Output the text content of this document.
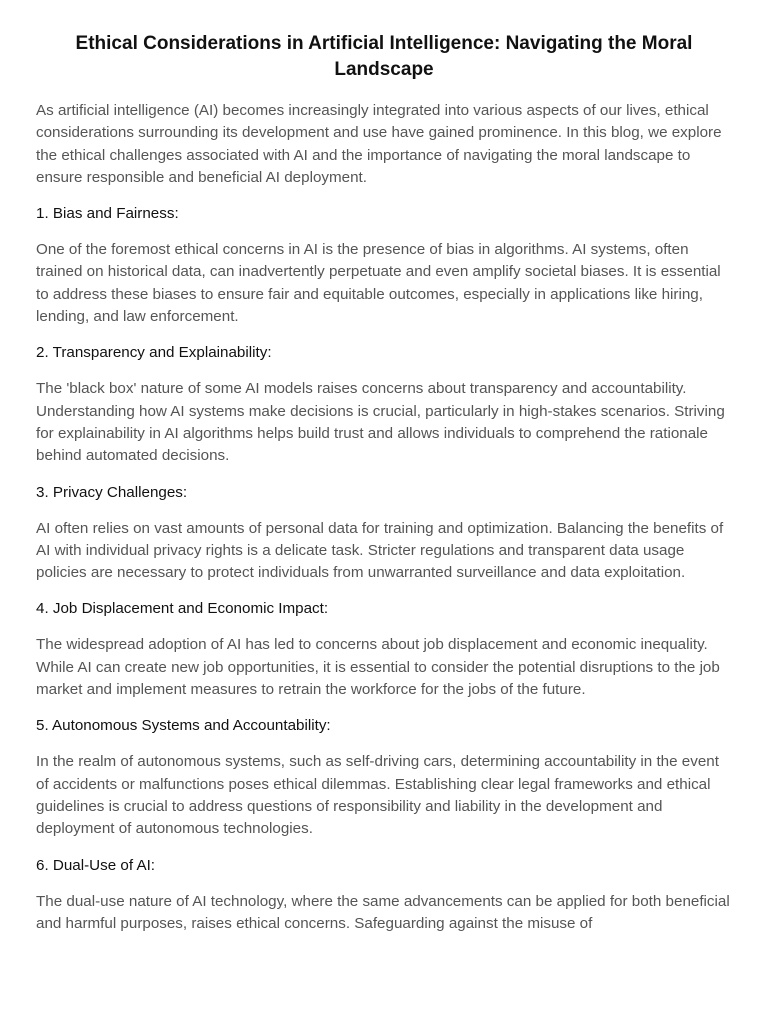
Ethical Considerations in Artificial Intelligence: Navigating the Moral Landscape

As artificial intelligence (AI) becomes increasingly integrated into various aspects of our lives, ethical considerations surrounding its development and use have gained prominence. In this blog, we explore the ethical challenges associated with AI and the importance of navigating the moral landscape to ensure responsible and beneficial AI deployment.

1. Bias and Fairness:

One of the foremost ethical concerns in AI is the presence of bias in algorithms. AI systems, often trained on historical data, can inadvertently perpetuate and even amplify societal biases. It is essential to address these biases to ensure fair and equitable outcomes, especially in applications like hiring, lending, and law enforcement.

2. Transparency and Explainability:

The 'black box' nature of some AI models raises concerns about transparency and accountability. Understanding how AI systems make decisions is crucial, particularly in high-stakes scenarios. Striving for explainability in AI algorithms helps build trust and allows individuals to comprehend the rationale behind automated decisions.

3. Privacy Challenges:

AI often relies on vast amounts of personal data for training and optimization. Balancing the benefits of AI with individual privacy rights is a delicate task. Stricter regulations and transparent data usage policies are necessary to protect individuals from unwarranted surveillance and data exploitation.

4. Job Displacement and Economic Impact:

The widespread adoption of AI has led to concerns about job displacement and economic inequality. While AI can create new job opportunities, it is essential to consider the potential disruptions to the job market and implement measures to retrain the workforce for the jobs of the future.

5. Autonomous Systems and Accountability:

In the realm of autonomous systems, such as self-driving cars, determining accountability in the event of accidents or malfunctions poses ethical dilemmas. Establishing clear legal frameworks and ethical guidelines is crucial to address questions of responsibility and liability in the development and deployment of autonomous technologies.

6. Dual-Use of AI:

The dual-use nature of AI technology, where the same advancements can be applied for both beneficial and harmful purposes, raises ethical concerns. Safeguarding against the misuse of
